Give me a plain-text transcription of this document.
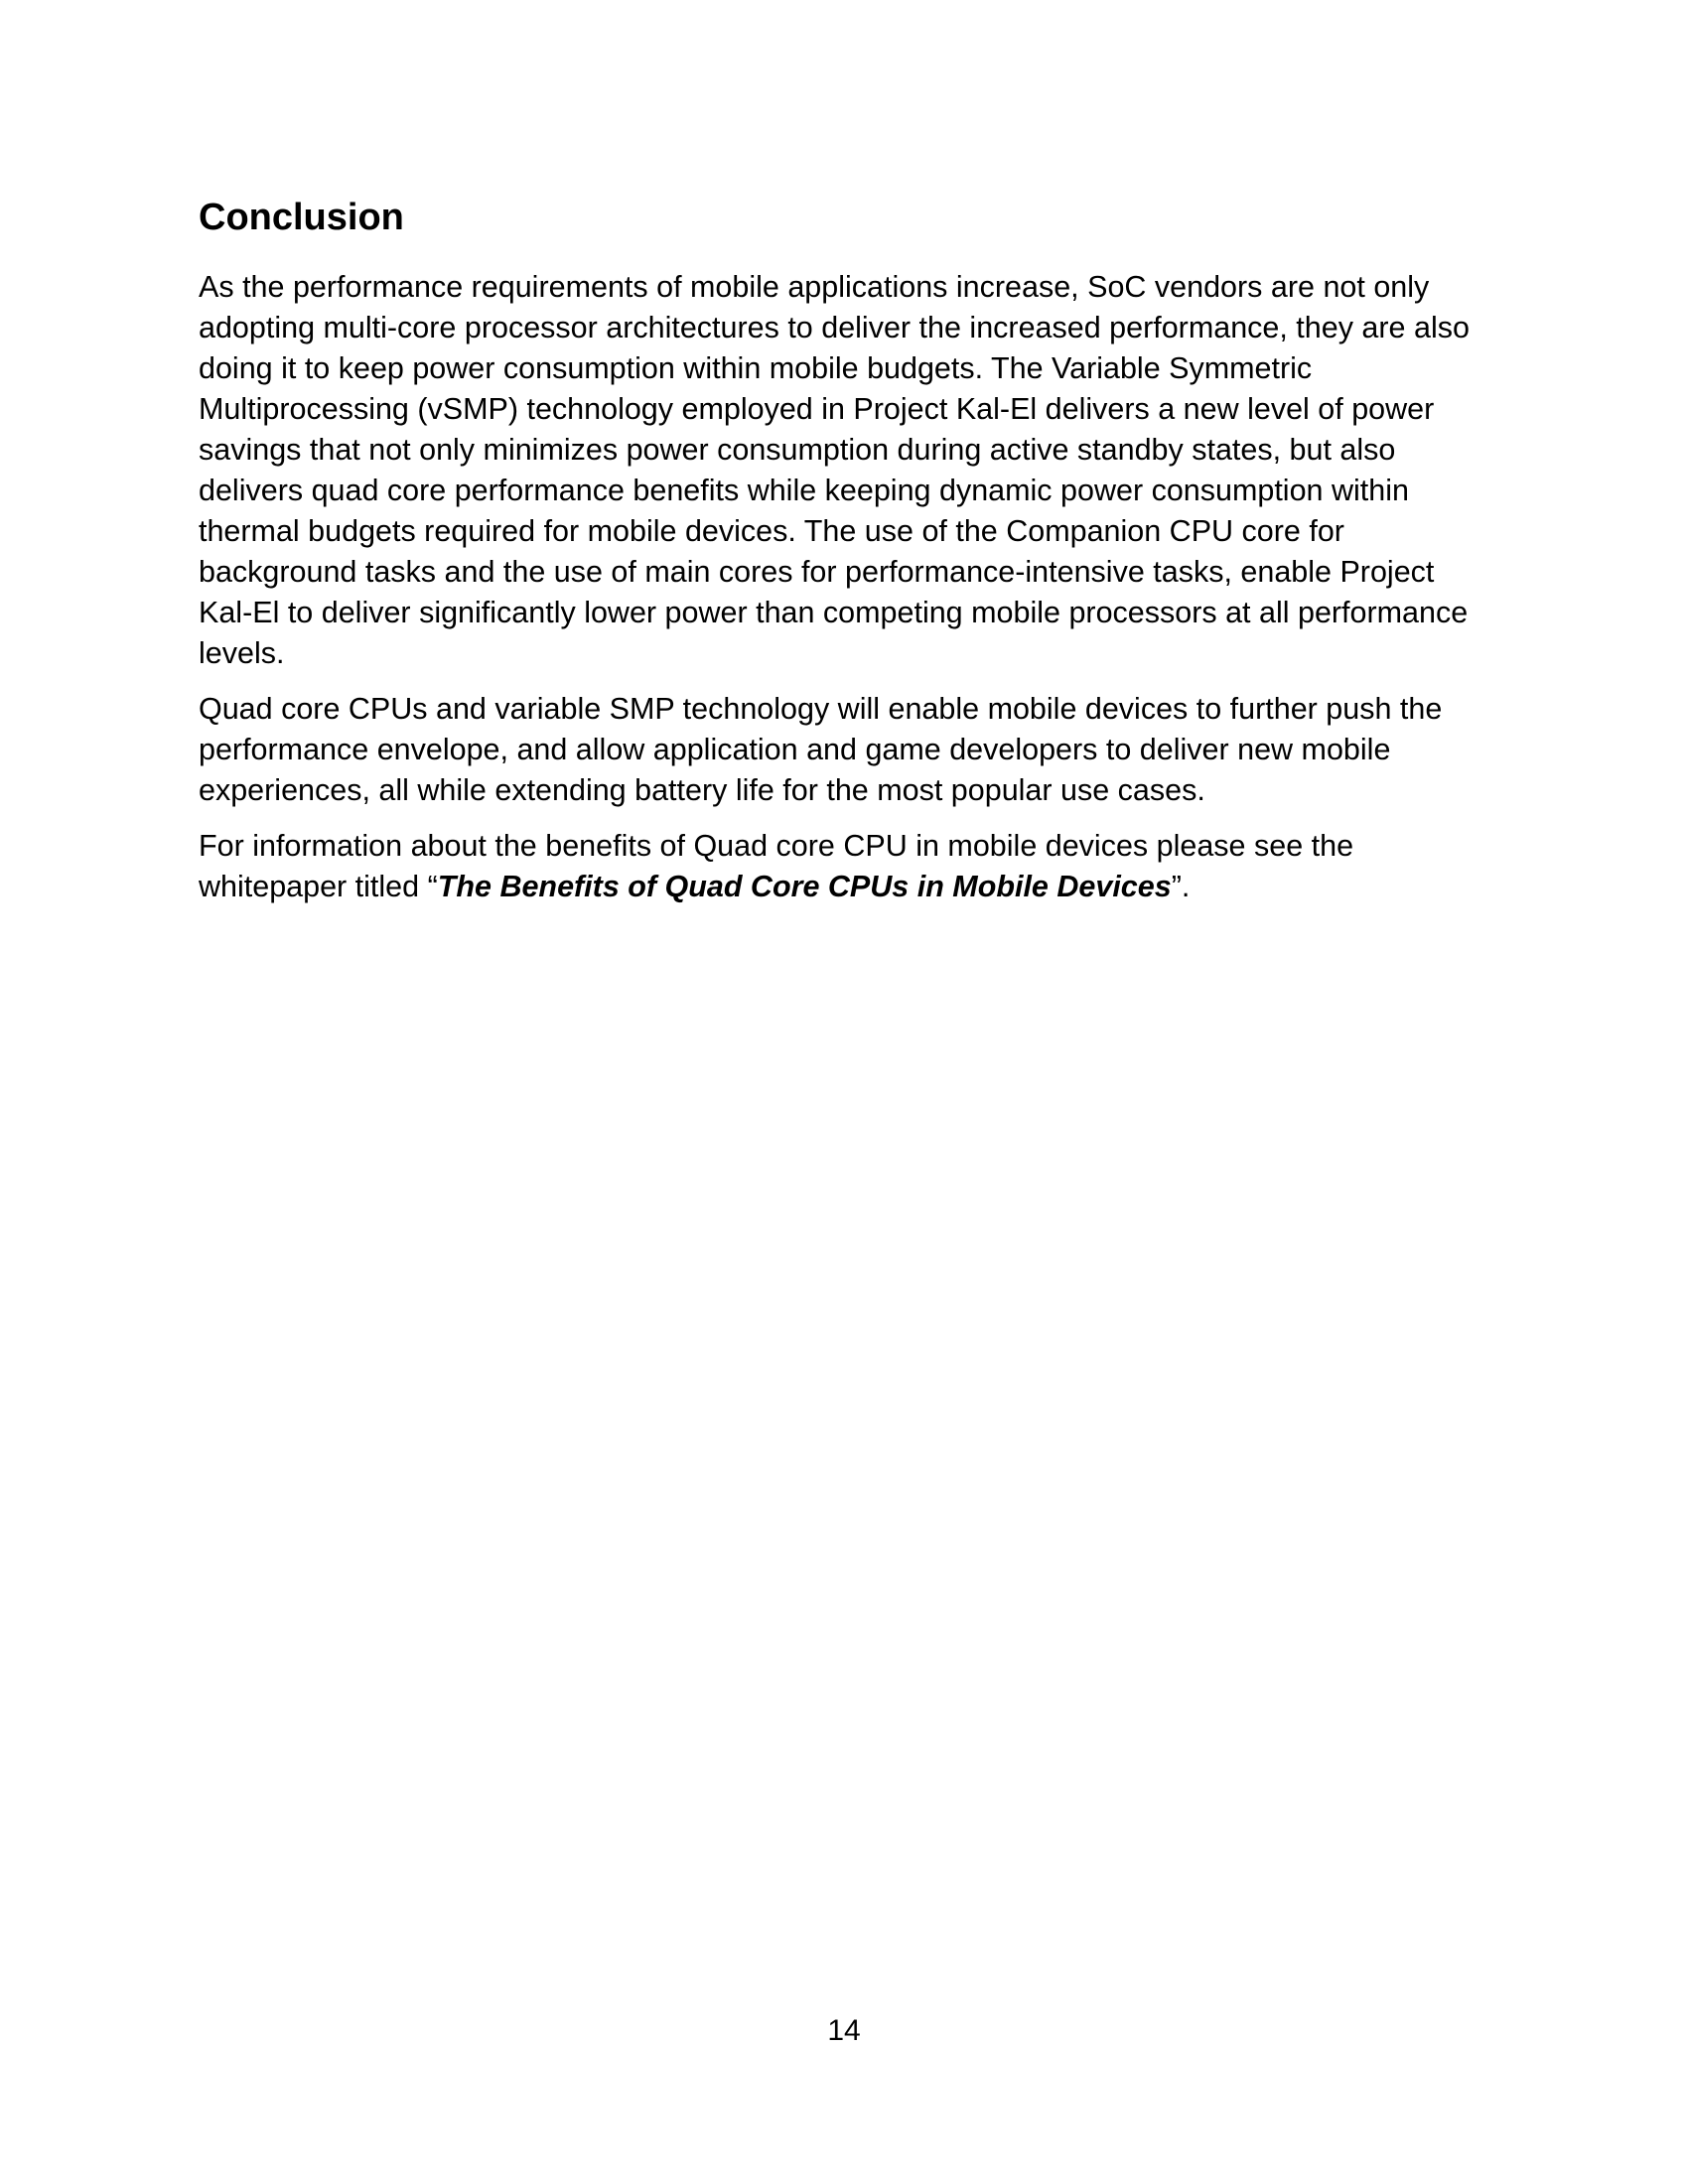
Conclusion

As the performance requirements of mobile applications increase, SoC vendors are not only adopting multi-core processor architectures to deliver the increased performance, they are also doing it to keep power consumption within mobile budgets. The Variable Symmetric Multiprocessing (vSMP) technology employed in Project Kal-El delivers a new level of power savings that not only minimizes power consumption during active standby states, but also delivers quad core performance benefits while keeping dynamic power consumption within thermal budgets required for mobile devices. The use of the Companion CPU core for background tasks and the use of main cores for performance-intensive tasks, enable Project Kal-El to deliver significantly lower power than competing mobile processors at all performance levels.

Quad core CPUs and variable SMP technology will enable mobile devices to further push the performance envelope, and allow application and game developers to deliver new mobile experiences, all while extending battery life for the most popular use cases.

For information about the benefits of Quad core CPU in mobile devices please see the whitepaper titled “The Benefits of Quad Core CPUs in Mobile Devices”.

14
